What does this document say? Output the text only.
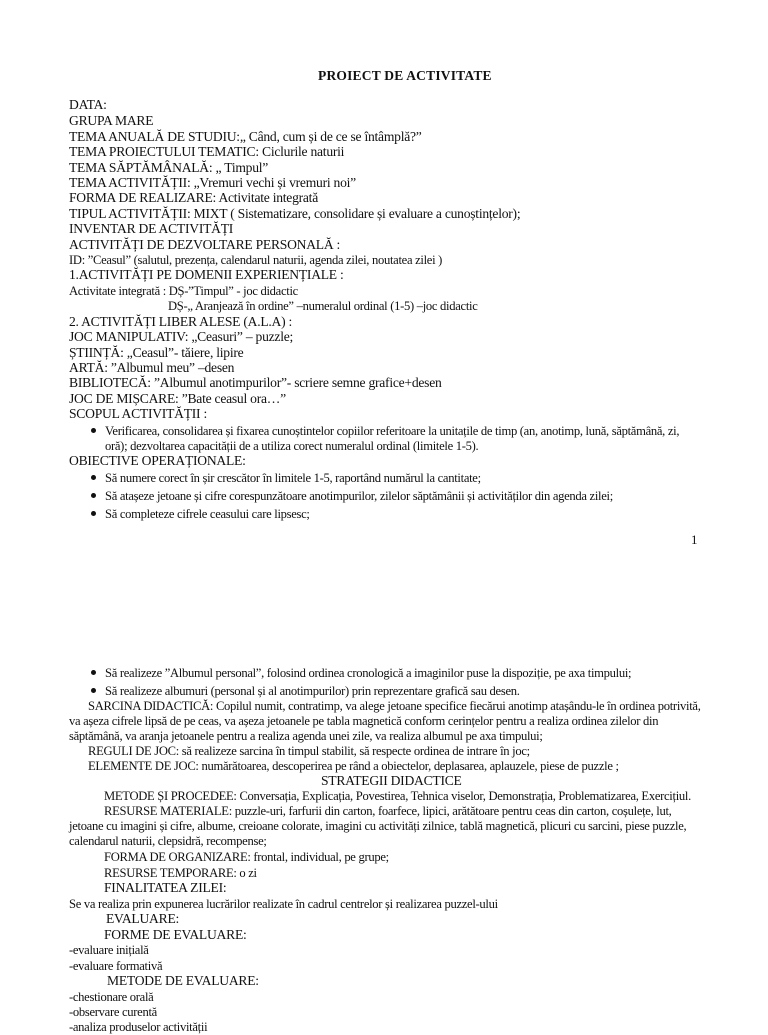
PROIECT DE ACTIVITATE
DATA:
GRUPA MARE
TEMA ANUALĂ DE STUDIU:„ Când, cum și de ce se întâmplă?”
TEMA PROIECTULUI TEMATIC: Ciclurile naturii
TEMA SĂPTĂMÂNALĂ: „ Timpul”
TEMA ACTIVITĂȚII: „Vremuri vechi și vremuri noi”
FORMA DE REALIZARE: Activitate integrată
TIPUL ACTIVITĂȚII: MIXT ( Sistematizare, consolidare și evaluare a cunoștințelor);
INVENTAR DE ACTIVITĂȚI
ACTIVITĂȚI DE DEZVOLTARE PERSONALĂ :
ID: ”Ceasul” (salutul, prezența, calendarul naturii, agenda zilei, noutatea zilei )
1.ACTIVITĂȚI PE DOMENII EXPERIENȚIALE :
Activitate integrată : DȘ-”Timpul” - joc didactic
DȘ-„ Aranjează în ordine” –numeralul ordinal (1-5) –joc didactic
2. ACTIVITĂȚI LIBER ALESE (A.L.A) :
JOC MANIPULATIV: „Ceasuri” – puzzle;
ȘTIINȚĂ: „Ceasul”- tăiere, lipire
ARTĂ: ”Albumul meu” –desen
BIBLIOTECĂ: ”Albumul anotimpurilor”- scriere semne grafice+desen
JOC DE MIȘCARE: ”Bate ceasul ora…”
SCOPUL ACTIVITĂȚII :
Verificarea, consolidarea și fixarea cunoștintelor copiilor referitoare la unitațile de timp (an, anotimp, lună, săptămână, zi,
oră); dezvoltarea capacității de a utiliza corect numeralul ordinal (limitele 1-5).
OBIECTIVE OPERAȚIONALE:
Să numere corect în șir crescător în limitele 1-5, raportând numărul la cantitate;
Să atașeze jetoane și cifre corespunzătoare anotimpurilor, zilelor săptămânii și activităților din agenda zilei;
Să completeze cifrele ceasului care lipsesc;
1
Să realizeze ”Albumul personal”, folosind ordinea cronologică a imaginilor puse la dispoziție, pe axa timpului;
Să realizeze albumuri (personal și al anotimpurilor) prin reprezentare grafică sau desen.
SARCINA DIDACTICĂ: Copilul numit, contratimp, va alege jetoane specifice fiecărui anotimp atașându-le în ordinea potrivită,
va așeza cifrele lipsă de pe ceas, va așeza jetoanele pe tabla magnetică conform cerințelor pentru a realiza ordinea zilelor din
săptămână, va aranja jetoanele pentru a realiza agenda unei zile, va realiza albumul pe axa timpului;
REGULI DE JOC: să realizeze sarcina în timpul stabilit, să respecte ordinea de intrare în joc;
ELEMENTE DE JOC: numărătoarea, descoperirea pe rând a obiectelor, deplasarea, aplauzele, piese de puzzle ;
STRATEGII DIDACTICE
METODE ȘI PROCEDEE: Conversația, Explicația, Povestirea, Tehnica viselor, Demonstrația, Problematizarea, Exercițiul.
RESURSE MATERIALE: puzzle-uri, farfurii din carton, foarfece, lipici, arătătoare pentru ceas din carton, coșulețe, lut,
jetoane cu imagini și cifre, albume, creioane colorate, imagini cu activități zilnice, tablă magnetică, plicuri cu sarcini, piese puzzle,
calendarul naturii, clepsidră, recompense;
FORMA DE ORGANIZARE: frontal, individual, pe grupe;
RESURSE TEMPORARE: o zi
FINALITATEA ZILEI:
Se va realiza prin expunerea lucrărilor realizate în cadrul centrelor și realizarea puzzel-ului
EVALUARE:
FORME DE EVALUARE:
-evaluare inițială
-evaluare formativă
METODE DE EVALUARE:
-chestionare orală
-observare curentă
-analiza produselor activității
